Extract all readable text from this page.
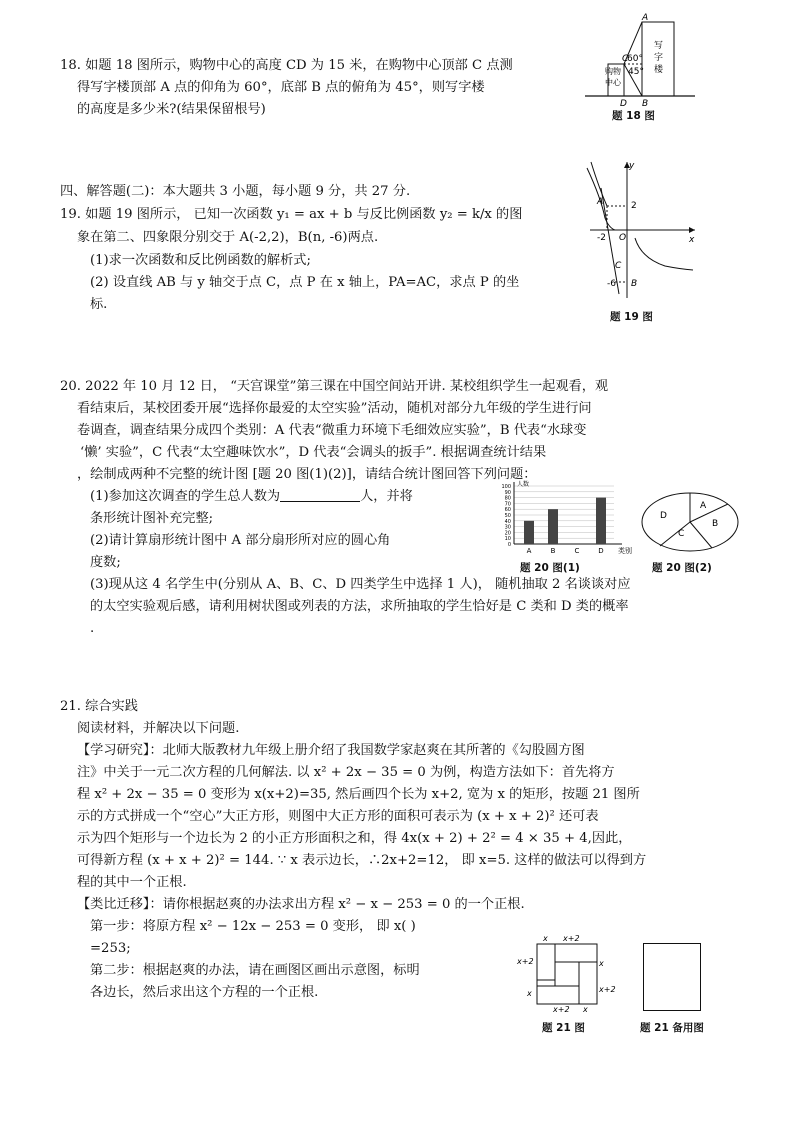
18. 如题 18 图所示，购物中心的高度 CD 为 15 米，在购物中心顶部 C 点测
得写字楼顶部 A 点的仰角为 60°，底部 B 点的俯角为 45°，则写字楼
的高度是多少米?(结果保留根号)
A
C
D B
60°
45°
购物
中心
写
字
楼
题 18 图
四、解答题(二)：本大题共 3 小题，每小题 9 分，共 27 分.
19. 如题 19 图所示， 已知一次函数 y₁ = ax + b 与反比例函数 y₂ = k/x 的图
象在第二、四象限分别交于 A(-2,2)，B(n, -6)两点.
(1)求一次函数和反比例函数的解析式;
(2) 设直线 AB 与 y 轴交于点 C，点 P 在 x 轴上，PA=AC，求点 P 的坐
标.
y
x
O
A	2
-2
C
-6 B
题 19 图
20. 2022 年 10 月 12 日， “天宫课堂”第三课在中国空间站开讲. 某校组织学生一起观看，观
看结束后，某校团委开展“选择你最爱的太空实验”活动，随机对部分九年级的学生进行问
卷调查，调查结果分成四个类别：A 代表“微重力环境下毛细效应实验”，B 代表“水球变
‘懒’ 实验”，C 代表“太空趣味饮水”，D 代表“会调头的扳手”. 根据调查统计结果
，绘制成两种不完整的统计图 [题 20 图(1)(2)]，请结合统计图回答下列问题：
(1)参加这次调查的学生总人数为	人，并将
条形统计图补充完整;
(2)请计算扇形统计图中 A 部分扇形所对应的圆心角
度数;
(3)现从这 4 名学生中(分别从 A、B、C、D 四类学生中选择 1 人)， 随机抽取 2 名谈谈对应
的太空实验观后感，请利用树状图或列表的方法，求所抽取的学生恰好是 C 类和 D 类的概率
.
100
90
80
70
60
50
40
30
20
10
0
人数
类别
A	B	C	D
题 20 图(1)
A
B
C
D
题 20 图(2)
21. 综合实践
阅读材料，并解决以下问题.
【学习研究】：北师大版教材九年级上册介绍了我国数学家赵爽在其所著的《勾股圆方图
注》中关于一元二次方程的几何解法. 以 x² + 2x − 35 = 0 为例，构造方法如下：首先将方
程 x² + 2x − 35 = 0 变形为 x(x+2)=35, 然后画四个长为 x+2, 宽为 x 的矩形，按题 21 图所
示的方式拼成一个“空心”大正方形，则图中大正方形的面积可表示为 (x + x + 2)² 还可表
示为四个矩形与一个边长为 2 的小正方形面积之和，得 4x(x + 2) + 2² = 4 × 35 + 4,因此，
可得新方程 (x + x + 2)² = 144. ∵ x 表示边长，∴2x+2=12， 即 x=5. 这样的做法可以得到方
程的其中一个正根.
【类比迁移】：请你根据赵爽的办法求出方程 x² − x − 253 = 0 的一个正根.
第一步：将原方程 x² − 12x − 253 = 0 变形， 即 x( )
=253;
第二步：根据赵爽的办法，请在画图区画出示意图，标明
各边长，然后求出这个方程的一个正根.
x x+2
x+2
x
x
x+2
x+2 x
题 21 图	题 21 备用图
